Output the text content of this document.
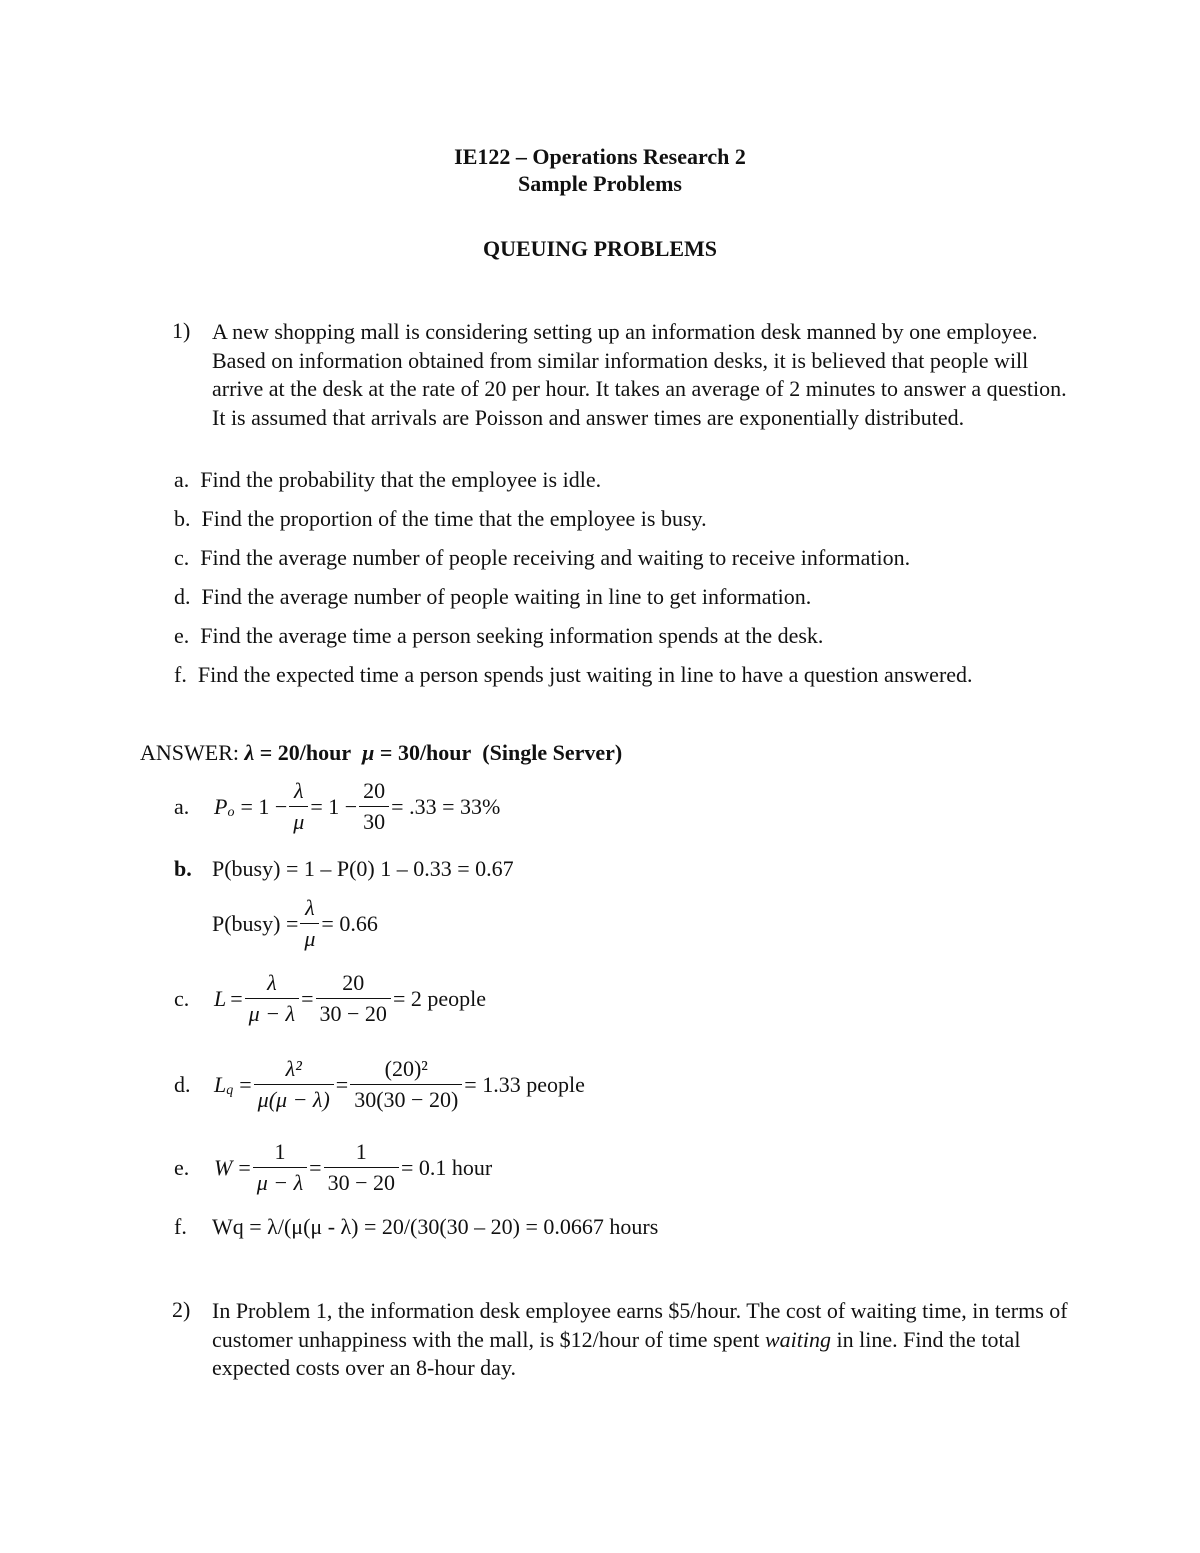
IE122 – Operations Research 2
Sample Problems
QUEUING PROBLEMS
1) A new shopping mall is considering setting up an information desk manned by one employee. Based on information obtained from similar information desks, it is believed that people will arrive at the desk at the rate of 20 per hour. It takes an average of 2 minutes to answer a question. It is assumed that arrivals are Poisson and answer times are exponentially distributed.
a. Find the probability that the employee is idle.
b. Find the proportion of the time that the employee is busy.
c. Find the average number of people receiving and waiting to receive information.
d. Find the average number of people waiting in line to get information.
e. Find the average time a person seeking information spends at the desk.
f. Find the expected time a person spends just waiting in line to have a question answered.
ANSWER: λ = 20/hour μ = 30/hour (Single Server)
a.	P $o = 1 - \frac{\lambda}{\mu} = 1 - \frac{20}{30} = .33 = 33\%$
b. P(busy) = 1 – P(0) 1 – 0.33 = 0.67
P(busy) = $\frac{\lambda}{\mu} = 0.66$
c.	$L = \frac{\lambda}{\mu - \lambda} = \frac{20}{30 - 20} = 2$ people
d.	L $q = \frac{\text{λ²}}{\mu(\mu - \lambda)} = \frac{\text{(20)²}}{30(30 - 20)} = 1.33$ people
e.	$W = \frac{1}{\mu - \lambda} = \frac{1}{30 - 20} = 0.1$ hour
f. Wq = λ/(μ(μ - λ) = 20/(30(30 – 20) = 0.0667 hours
2) In Problem 1, the information desk employee earns $5/hour. The cost of waiting time, in terms of customer unhappiness with the mall, is $12/hour of time spent waiting in line. Find the total expected costs over an 8-hour day.
